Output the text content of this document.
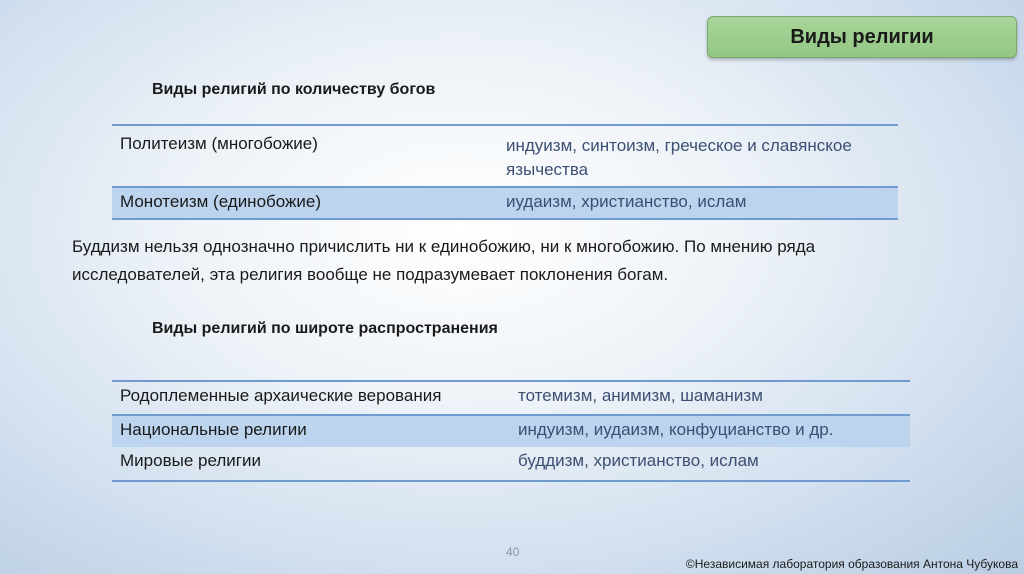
Виды религии
Виды религий по количеству богов
Политеизм (многобожие)	индуизм, синтоизм, греческое и славянское язычества
Монотеизм (единобожие)	иудаизм, христианство, ислам
Буддизм нельзя однозначно причислить ни к единобожию, ни к многобожию. По мнению ряда исследователей, эта религия вообще не подразумевает поклонения богам.
Виды религий по широте распространения
Родоплеменные архаические верования	тотемизм, анимизм, шаманизм
Национальные религии	индуизм, иудаизм, конфуцианство и др.
Мировые религии	буддизм, христианство, ислам
40
©Независимая лаборатория образования Антона Чубукова
